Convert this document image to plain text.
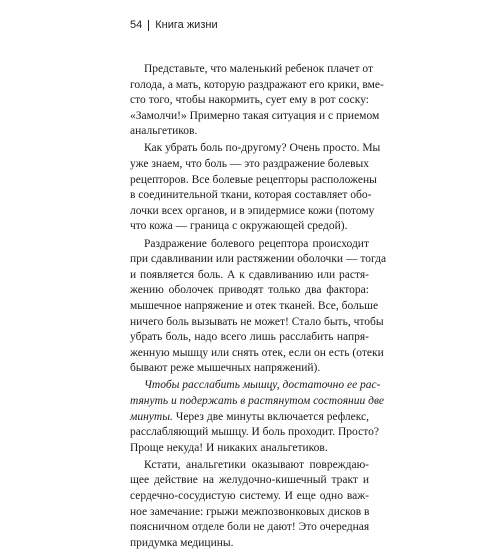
54 Книга жизни
Представьте, что маленький ребенок плачет от
голода, а мать, которую раздражают его крики, вме-
сто того, чтобы накормить, сует ему в рот соску:
«Замолчи!» Примерно такая ситуация и с приемом
анальгетиков.
Как убрать боль по-другому? Очень просто. Мы
уже знаем, что боль — это раздражение болевых
рецепторов. Все болевые рецепторы расположены
в соединительной ткани, которая составляет обо-
лочки всех органов, и в эпидермисе кожи (потому
что кожа — граница с окружающей средой).
Раздражение болевого рецептора происходит
при сдавливании или растяжении оболочки — тогда
и появляется боль. А к сдавливанию или растя-
жению оболочек приводят только два фактора:
мышечное напряжение и отек тканей. Все, больше
ничего боль вызывать не может! Стало быть, чтобы
убрать боль, надо всего лишь расслабить напря-
женную мышцу или снять отек, если он есть (отеки
бывают реже мышечных напряжений).
Чтобы расслабить мышцу, достаточно ее рас-
тянуть и подержать в растянутом состоянии две
минуты. Через две минуты включается рефлекс,
расслабляющий мышцу. И боль проходит. Просто?
Проще некуда! И никаких анальгетиков.
Кстати, анальгетики оказывают повреждаю-
щее действие на желудочно-кишечный тракт и
сердечно-сосудистую систему. И еще одно важ-
ное замечание: грыжи межпозвонковых дисков в
поясничном отделе боли не дают! Это очередная
придумка медицины.
